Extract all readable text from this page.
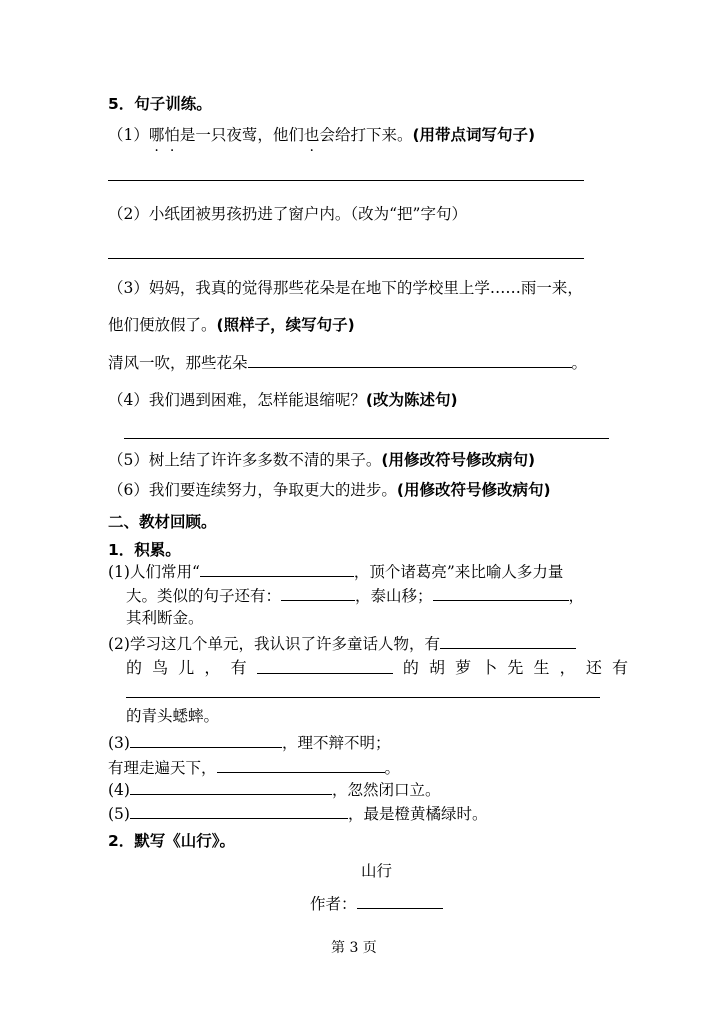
5．句子训练。
（1）哪怕是一只夜莺，他们也会给打下来。(用带点词写句子)
（2）小纸团被男孩扔进了窗户内。（改为“把”字句）
（3）妈妈，我真的觉得那些花朵是在地下的学校里上学……雨一来，
他们便放假了。(照样子，续写句子)
清风一吹，那些花朵	。
（4）我们遇到困难，怎样能退缩呢？(改为陈述句)
（5）树上结了许许多多数不清的果子。(用修改符号修改病句)
（6）我们要连续努力，争取更大的进步。(用修改符号修改病句)
二、教材回顾。
1．积累。
(1)人们常用“	，顶个诸葛亮”来比喻人多力量
大。类似的句子还有：	，泰山移；	，
其利断金。
(2)学习这几个单元，我认识了许多童话人物，有
的 鸟 儿 ， 有	的 胡 萝 卜 先 生 ， 还 有
的青头蟋蟀。
(3)	，理不辩不明；
有理走遍天下，	。
(4)	，忽然闭口立。
(5)	，最是橙黄橘绿时。
2．默写《山行》。
山行
作者：
第 3 页
